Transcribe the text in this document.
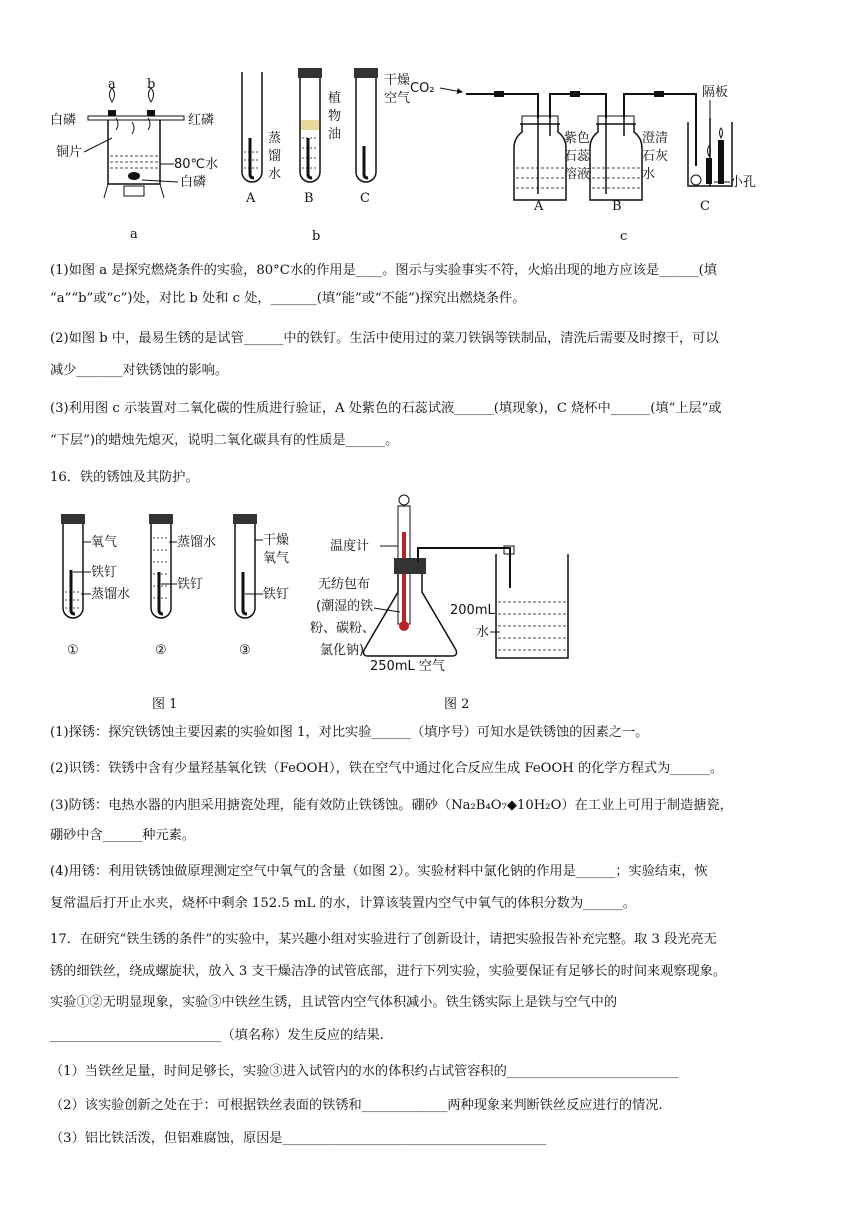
a b
白磷	红磷
铜片
80℃水
白磷
a
蒸馏水
植物油
干燥空气
A	B	C
b
CO₂
紫色石蕊溶液
澄清石灰水
隔板
小孔
A	B	C
c

(1)如图 a 是探究燃烧条件的实验，80°C水的作用是____。图示与实验事实不符，火焰出现的地方应该是______(填

“a”“b”或“c”)处，对比 b 处和 c 处，_______(填“能”或“不能”)探究出燃烧条件。

(2)如图 b 中，最易生锈的是试管______中的铁钉。生活中使用过的菜刀铁锅等铁制品，清洗后需要及时擦干，可以

减少_______对铁锈蚀的影响。

(3)利用图 c 示装置对二氧化碳的性质进行验证，A 处紫色的石蕊试液______(填现象)，C 烧杯中______(填“上层”或

“下层”)的蜡烛先熄灭，说明二氧化碳具有的性质是______。

16．铁的锈蚀及其防护。

氧气
铁钉
蒸馏水
蒸馏水
铁钉
干燥氧气
铁钉
①	②	③
温度计
无纺包布(潮湿的铁粉、碳粉、氯化钠)
250mL 空气
200mL 水
图 1	图 2

(1)探锈：探究铁锈蚀主要因素的实验如图 1，对比实验______（填序号）可知水是铁锈蚀的因素之一。

(2)识锈：铁锈中含有少量羟基氧化铁（FeOOH），铁在空气中通过化合反应生成 FeOOH 的化学方程式为______。

(3)防锈：电热水器的内胆采用搪瓷处理，能有效防止铁锈蚀。硼砂（Na₂B₄O₇◆10H₂O）在工业上可用于制造搪瓷，

硼砂中含______种元素。

(4)用锈：利用铁锈蚀做原理测定空气中氧气的含量（如图 2）。实验材料中氯化钠的作用是______；实验结束，恢

复常温后打开止水夹，烧杯中剩余 152.5 mL 的水，计算该装置内空气中氧气的体积分数为______。

17．在研究“铁生锈的条件”的实验中，某兴趣小组对实验进行了创新设计，请把实验报告补充完整。取 3 段光亮无

锈的细铁丝，绕成螺旋状，放入 3 支干燥洁净的试管底部，进行下列实验，实验要保证有足够长的时间来观察现象。

实验①②无明显现象，实验③中铁丝生锈，且试管内空气体积减小。铁生锈实际上是铁与空气中的

__________________________（填名称）发生反应的结果.

（1）当铁丝足量，时间足够长，实验③进入试管内的水的体积约占试管容积的__________________________

（2）该实验创新之处在于：可根据铁丝表面的铁锈和_____________两种现象来判断铁丝反应进行的情况.

（3）铝比铁活泼，但铝难腐蚀，原因是________________________________________
